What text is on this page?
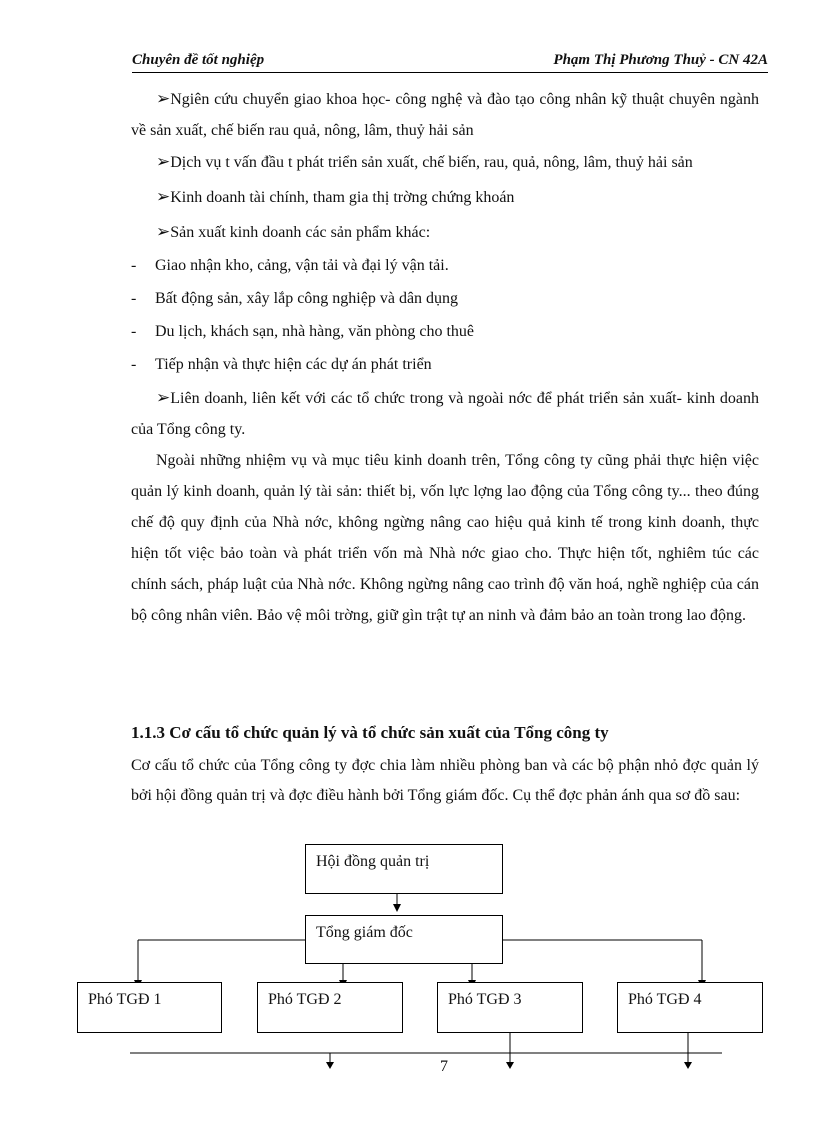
Chuyên đề tốt nghiệp	Phạm Thị Phương Thuỷ - CN 42A

➢Ngiên cứu chuyển giao khoa học- công nghệ và đào tạo công nhân kỹ thuật chuyên ngành về sản xuất, chế biến rau quả, nông, lâm, thuỷ hải sản

➢Dịch vụ t vấn đầu t phát triển sản xuất, chế biến, rau, quả, nông, lâm, thuỷ hải sản

➢Kinh doanh tài chính, tham gia thị trờng chứng khoán

➢Sản xuất kinh doanh các sản phẩm khác:

- Giao nhận kho, cảng, vận tải và đại lý vận tải.

- Bất động sản, xây lắp công nghiệp và dân dụng

- Du lịch, khách sạn, nhà hàng, văn phòng cho thuê

- Tiếp nhận và thực hiện các dự án phát triển

➢Liên doanh, liên kết với các tổ chức trong và ngoài nớc để phát triển sản xuất- kinh doanh của Tổng công ty.

Ngoài những nhiệm vụ và mục tiêu kinh doanh trên, Tổng công ty cũng phải thực hiện việc quản lý kinh doanh, quản lý tài sản: thiết bị, vốn lực lợng lao động của Tổng công ty... theo đúng chế độ quy định của Nhà nớc, không ngừng nâng cao hiệu quả kinh tế trong kinh doanh, thực hiện tốt việc bảo toàn và phát triển vốn mà Nhà nớc giao cho. Thực hiện tốt, nghiêm túc các chính sách, pháp luật của Nhà nớc. Không ngừng nâng cao trình độ văn hoá, nghề nghiệp của cán bộ công nhân viên. Bảo vệ môi trờng, giữ gìn trật tự an ninh và đảm bảo an toàn trong lao động.

1.1.3 Cơ cấu tổ chức quản lý và tổ chức sản xuất của Tổng công ty
Cơ cấu tổ chức của Tổng công ty đợc chia làm nhiều phòng ban và các bộ phận nhỏ đợc quản lý bởi hội đồng quản trị và đợc điều hành bởi Tổng giám đốc. Cụ thể đợc phản ánh qua sơ đồ sau:
Hội đồng quản trị
Tổng giám đốc
Phó TGĐ 1	Phó TGĐ 2	Phó TGĐ 3	Phó TGĐ 4
7
